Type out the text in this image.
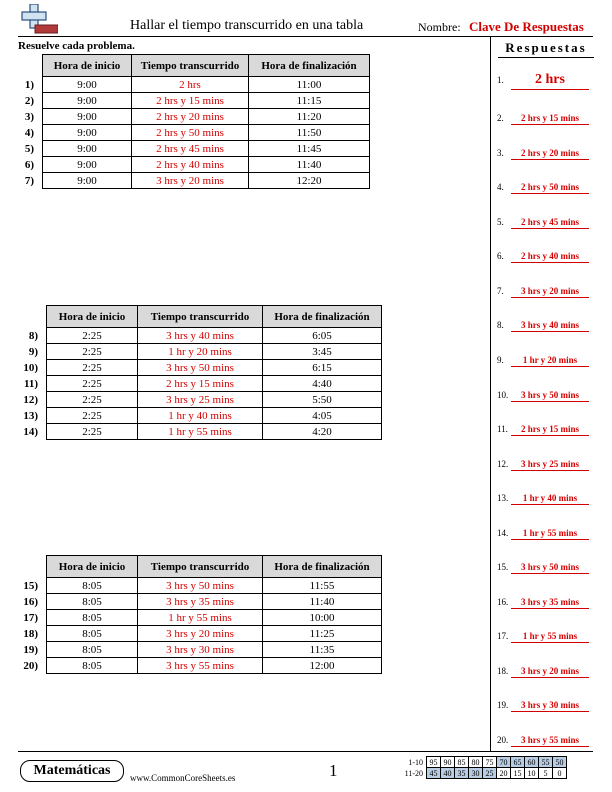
Hallar el tiempo transcurrido en una tabla	Nombre: Clave De Respuestas
Resuelve cada problema.	Respuestas
	Hora de inicio	Tiempo transcurrido	Hora de finalización
1)	9:00	2 hrs	11:00
2)	9:00	2 hrs y 15 mins	11:15
3)	9:00	2 hrs y 20 mins	11:20
4)	9:00	2 hrs y 50 mins	11:50
5)	9:00	2 hrs y 45 mins	11:45
6)	9:00	2 hrs y 40 mins	11:40
7)	9:00	3 hrs y 20 mins	12:20
	Hora de inicio	Tiempo transcurrido	Hora de finalización
8)	2:25	3 hrs y 40 mins	6:05
9)	2:25	1 hr y 20 mins	3:45
10)	2:25	3 hrs y 50 mins	6:15
11)	2:25	2 hrs y 15 mins	4:40
12)	2:25	3 hrs y 25 mins	5:50
13)	2:25	1 hr y 40 mins	4:05
14)	2:25	1 hr y 55 mins	4:20
	Hora de inicio	Tiempo transcurrido	Hora de finalización
15)	8:05	3 hrs y 50 mins	11:55
16)	8:05	3 hrs y 35 mins	11:40
17)	8:05	1 hr y 55 mins	10:00
18)	8:05	3 hrs y 20 mins	11:25
19)	8:05	3 hrs y 30 mins	11:35
20)	8:05	3 hrs y 55 mins	12:00
1. 2 hrs
2. 2 hrs y 15 mins
3. 2 hrs y 20 mins
4. 2 hrs y 50 mins
5. 2 hrs y 45 mins
6. 2 hrs y 40 mins
7. 3 hrs y 20 mins
8. 3 hrs y 40 mins
9. 1 hr y 20 mins
10. 3 hrs y 50 mins
11. 2 hrs y 15 mins
12. 3 hrs y 25 mins
13. 1 hr y 40 mins
14. 1 hr y 55 mins
15. 3 hrs y 50 mins
16. 3 hrs y 35 mins
17. 1 hr y 55 mins
18. 3 hrs y 20 mins
19. 3 hrs y 30 mins
20. 3 hrs y 55 mins
Matemáticas	www.CommonCoreSheets.es	1	1-10	95	90	85	80	75	70	65	60	55	50
11-20	45	40	35	30	25	20	15	10	5	0
